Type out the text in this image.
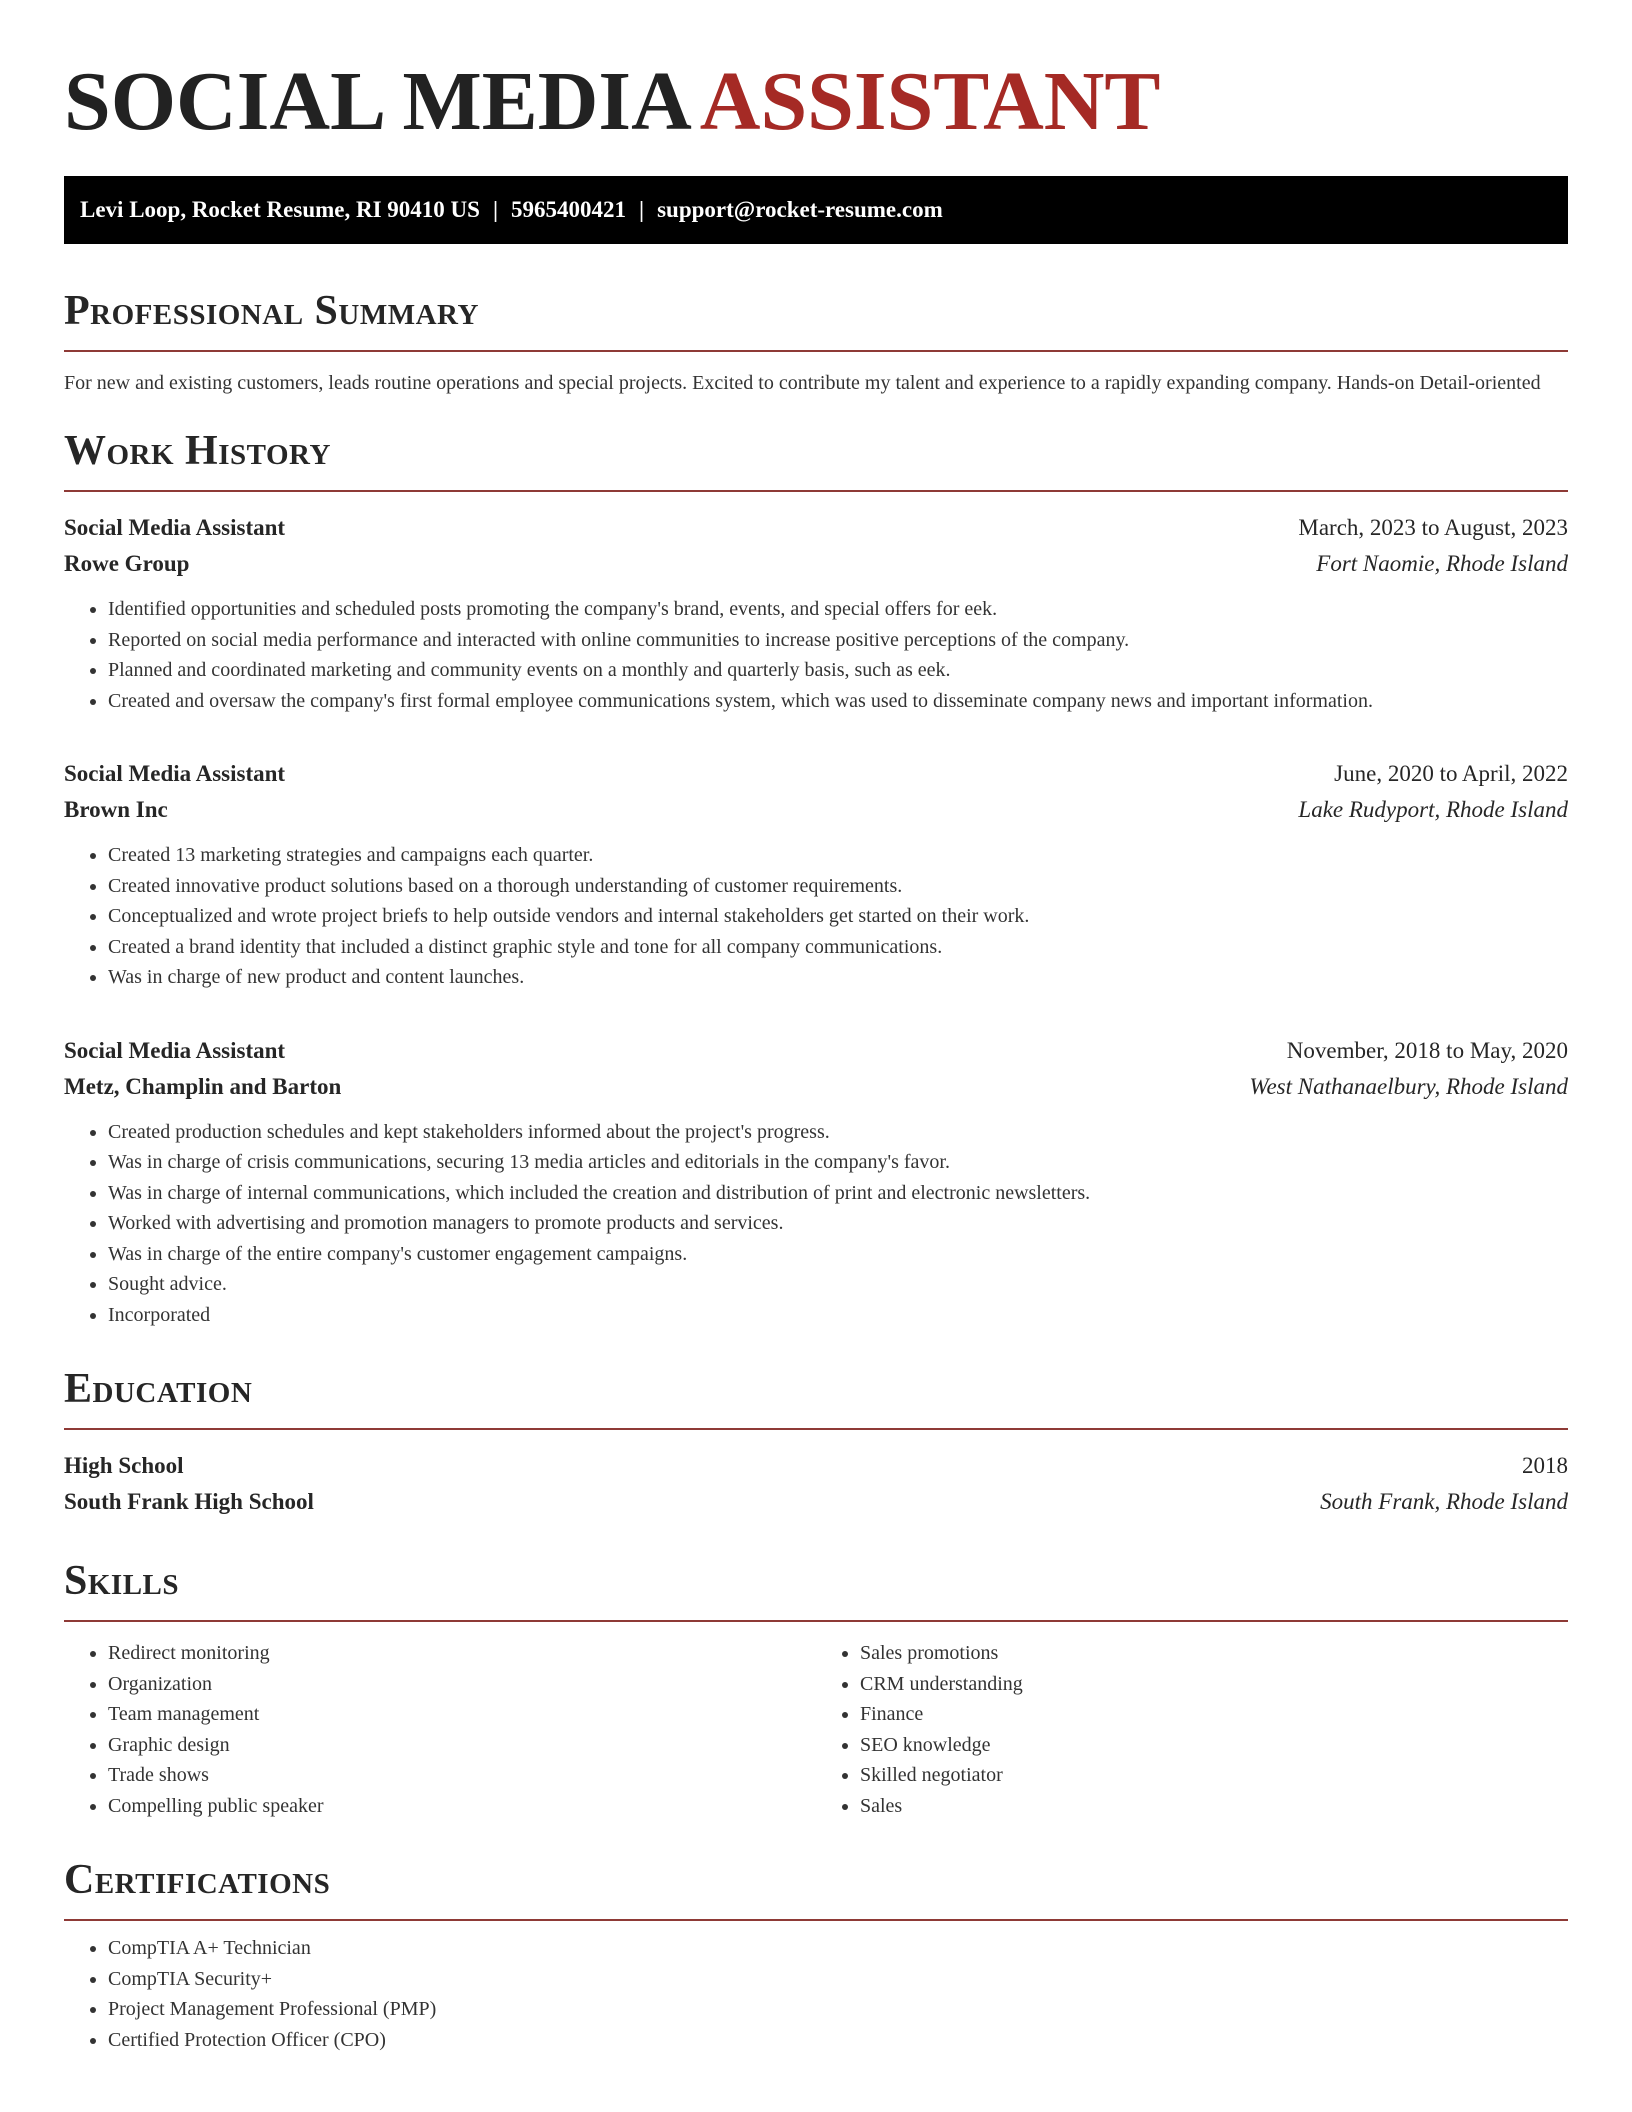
SOCIAL MEDIAASSISTANT
Levi Loop, Rocket Resume, RI 90410 US | 5965400421 | support@rocket-resume.com
Professional Summary
For new and existing customers, leads routine operations and special projects. Excited to contribute my talent and experience to a rapidly expanding company. Hands-on Detail-oriented
Work History
Social Media Assistant	March, 2023 to August, 2023
Rowe Group	Fort Naomie, Rhode Island
• Identified opportunities and scheduled posts promoting the company's brand, events, and special offers for eek.
• Reported on social media performance and interacted with online communities to increase positive perceptions of the company.
• Planned and coordinated marketing and community events on a monthly and quarterly basis, such as eek.
• Created and oversaw the company's first formal employee communications system, which was used to disseminate company news and important information.
Social Media Assistant	June, 2020 to April, 2022
Brown Inc	Lake Rudyport, Rhode Island
• Created 13 marketing strategies and campaigns each quarter.
• Created innovative product solutions based on a thorough understanding of customer requirements.
• Conceptualized and wrote project briefs to help outside vendors and internal stakeholders get started on their work.
• Created a brand identity that included a distinct graphic style and tone for all company communications.
• Was in charge of new product and content launches.
Social Media Assistant	November, 2018 to May, 2020
Metz, Champlin and Barton	West Nathanaelbury, Rhode Island
• Created production schedules and kept stakeholders informed about the project's progress.
• Was in charge of crisis communications, securing 13 media articles and editorials in the company's favor.
• Was in charge of internal communications, which included the creation and distribution of print and electronic newsletters.
• Worked with advertising and promotion managers to promote products and services.
• Was in charge of the entire company's customer engagement campaigns.
• Sought advice.
• Incorporated
Education
High School	2018
South Frank High School	South Frank, Rhode Island
Skills
• Redirect monitoring
• Organization
• Team management
• Graphic design
• Trade shows
• Compelling public speaker
• Sales promotions
• CRM understanding
• Finance
• SEO knowledge
• Skilled negotiator
• Sales
Certifications
• CompTIA A+ Technician
• CompTIA Security+
• Project Management Professional (PMP)
• Certified Protection Officer (CPO)
